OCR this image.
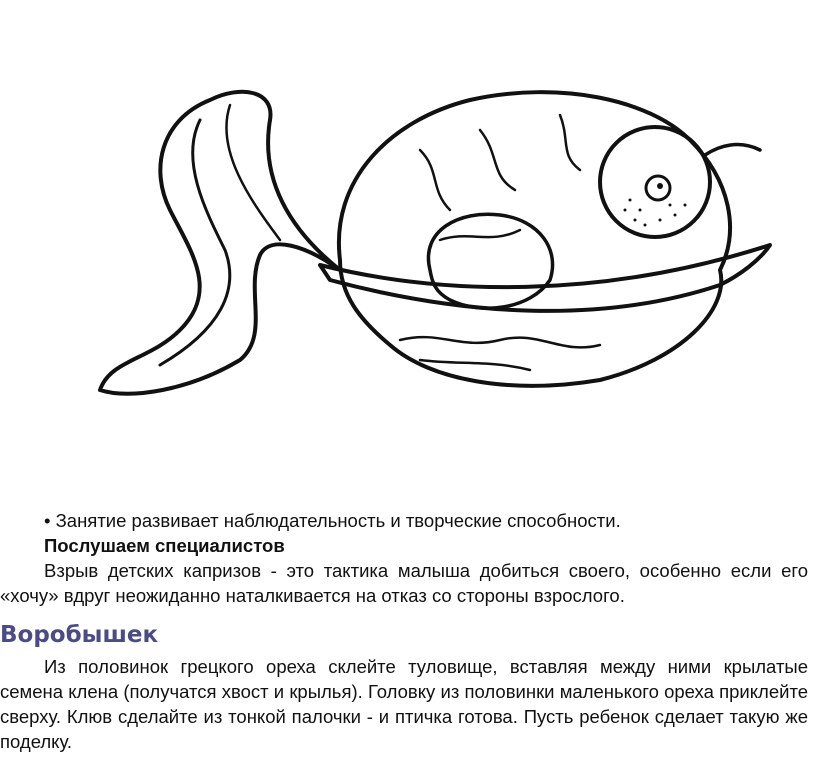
• Занятие развивает наблюдательность и творческие способности.

Послушаем специалистов

Взрыв детских капризов - это тактика малыша добиться своего, особенно если его «хочу» вдруг неожиданно наталкивается на отказ со стороны взрослого.

Воробышек

Из половинок грецкого ореха склейте туловище, вставляя между ними крылатые семена клена (получатся хвост и крылья). Головку из половинки маленького ореха приклейте сверху. Клюв сделайте из тонкой палочки - и птичка готова. Пусть ребенок сделает такую же поделку.
